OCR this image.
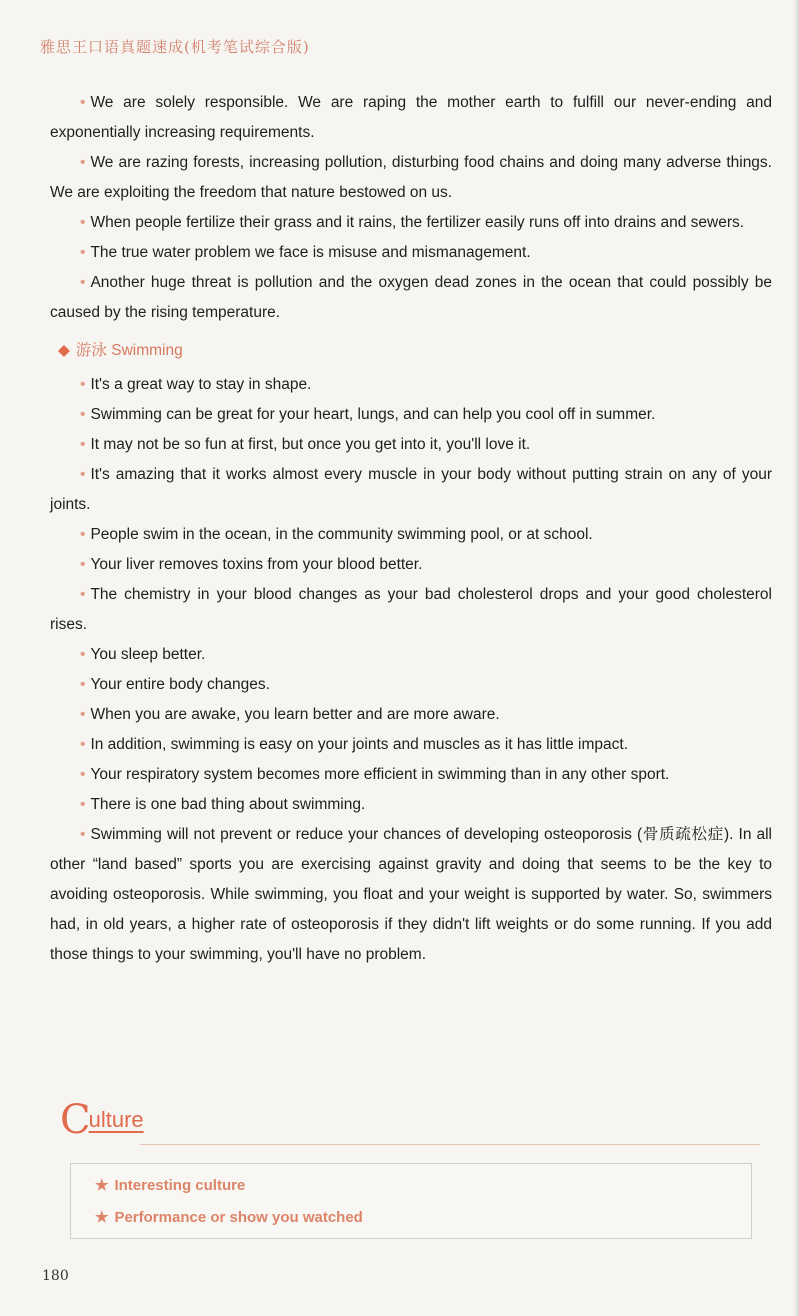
雅思王口语真题速成(机考笔试综合版)

• We are solely responsible. We are raping the mother earth to fulfill our never-ending and exponentially increasing requirements.

• We are razing forests, increasing pollution, disturbing food chains and doing many adverse things. We are exploiting the freedom that nature bestowed on us.

• When people fertilize their grass and it rains, the fertilizer easily runs off into drains and sewers.

• The true water problem we face is misuse and mismanagement.

• Another huge threat is pollution and the oxygen dead zones in the ocean that could possibly be caused by the rising temperature.

◆ 游泳 Swimming

• It's a great way to stay in shape.

• Swimming can be great for your heart, lungs, and can help you cool off in summer.

• It may not be so fun at first, but once you get into it, you'll love it.

• It's amazing that it works almost every muscle in your body without putting strain on any of your joints.

• People swim in the ocean, in the community swimming pool, or at school.

• Your liver removes toxins from your blood better.

• The chemistry in your blood changes as your bad cholesterol drops and your good cholesterol rises.

• You sleep better.

• Your entire body changes.

• When you are awake, you learn better and are more aware.

• In addition, swimming is easy on your joints and muscles as it has little impact.

• Your respiratory system becomes more efficient in swimming than in any other sport.

• There is one bad thing about swimming.

• Swimming will not prevent or reduce your chances of developing osteoporosis (骨质疏松症). In all other “land based” sports you are exercising against gravity and doing that seems to be the key to avoiding osteoporosis. While swimming, you float and your weight is supported by water. So, swimmers had, in old years, a higher rate of osteoporosis if they didn't lift weights or do some running. If you add those things to your swimming, you'll have no problem.

C
ulture
★ Interesting culture
★ Performance or show you watched
180
